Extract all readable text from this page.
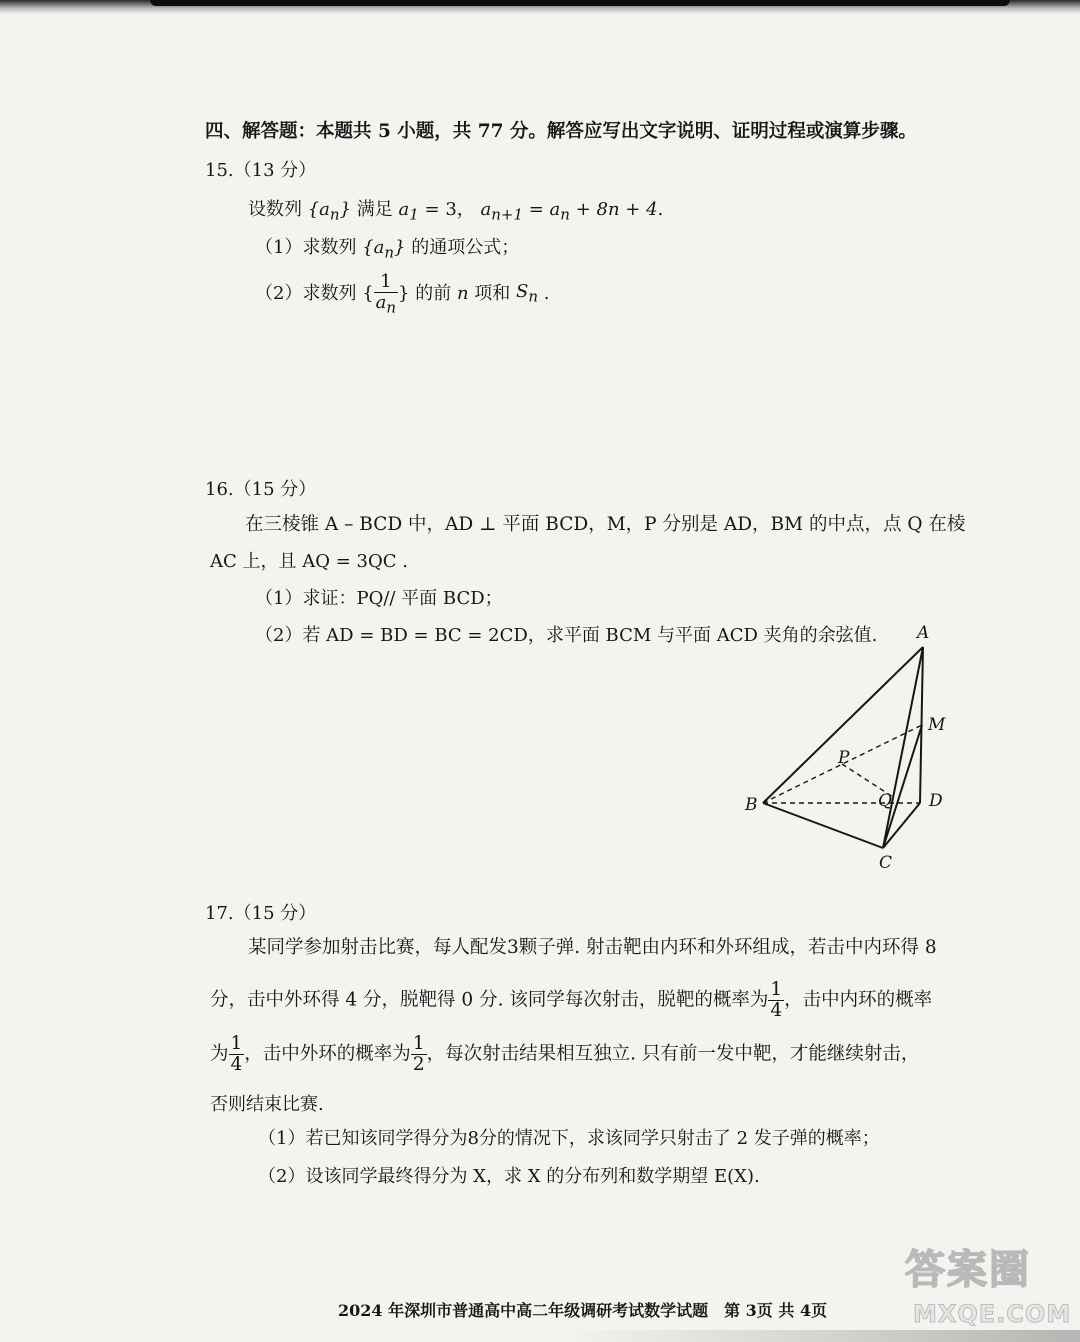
四、解答题：本题共 5 小题，共 77 分。解答应写出文字说明、证明过程或演算步骤。
15.（13 分）
设数列 $\{a_n\}$ 满足 $a_1 = 3$， $a_{n+1} = a_n + 8n + 4$.
（1）求数列 $\{a_n\}$ 的通项公式；
（2）求数列 { $\frac{1}{a_n}$ } 的前 n 项和 $S_n$ .
16.（15 分）
在三棱锥 A – BCD 中，AD ⊥ 平面 BCD，M，P 分别是 AD，BM 的中点，点 Q 在棱
AC 上，且 AQ = 3QC .
（1）求证：PQ// 平面 BCD；
（2）若 AD = BD = BC = 2CD，求平面 BCM 与平面 ACD 夹角的余弦值. A
M
P
Q
B	D
C
17.（15 分）
某同学参加射击比赛，每人配发3颗子弹. 射击靶由内环和外环组成，若击中内环得 8
分，击中外环得 4 分，脱靶得 0 分. 该同学每次射击，脱靶的概率为 $\frac{1}{4}$ ，击中内环的概率
为 $\frac{1}{4}$ ，击中外环的概率为 $\frac{1}{2}$ ，每次射击结果相互独立. 只有前一发中靶，才能继续射击，
否则结束比赛.
（1）若已知该同学得分为8分的情况下，求该同学只射击了 2 发子弹的概率；
（2）设该同学最终得分为 X，求 X 的分布列和数学期望 E(X).
答案圈
MXQE.COM
2024 年深圳市普通高中高二年级调研考试数学试题　第 3页 共 4页
